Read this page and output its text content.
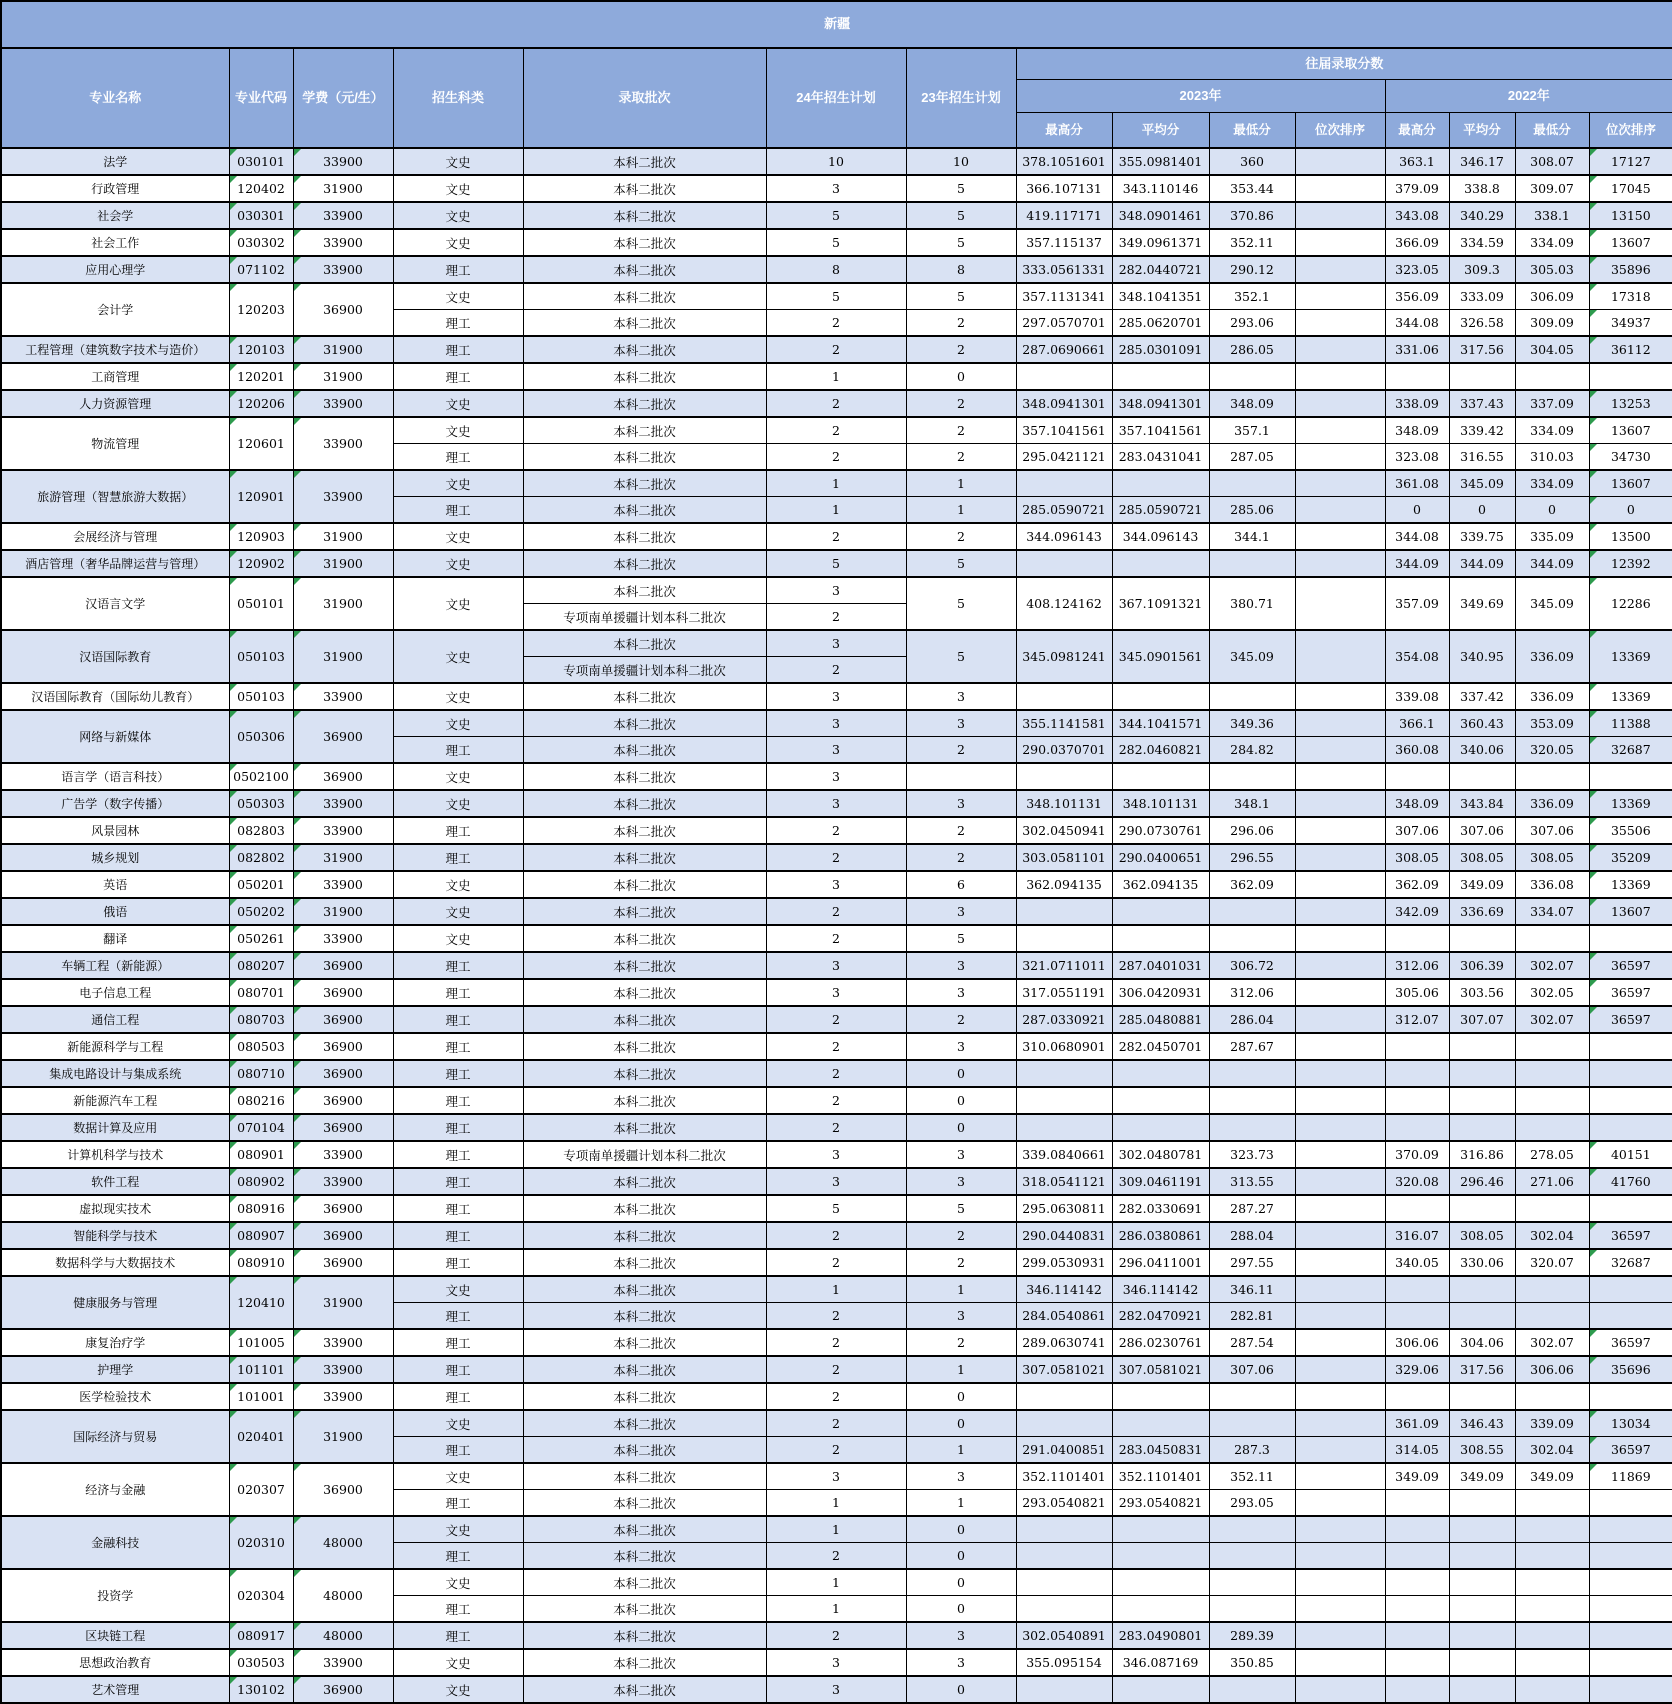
新疆														
专业名称	专业代码	学费（元/生）	招生科类	录取批次	24年招生计划	23年招生计划	往届录取分数							
							2023年				2022年			
							最高分	平均分	最低分	位次排序	最高分	平均分	最低分	位次排序
法学	030101	33900	文史	本科二批次	10	10	378.1051601	355.0981401	360		363.1	346.17	308.07	17127
行政管理	120402	31900	文史	本科二批次	3	5	366.107131	343.110146	353.44		379.09	338.8	309.07	17045
社会学	030301	33900	文史	本科二批次	5	5	419.117171	348.0901461	370.86		343.08	340.29	338.1	13150
社会工作	030302	33900	文史	本科二批次	5	5	357.115137	349.0961371	352.11		366.09	334.59	334.09	13607
应用心理学	071102	33900	理工	本科二批次	8	8	333.0561331	282.0440721	290.12		323.05	309.3	305.03	35896
会计学	120203	36900	文史	本科二批次	5	5	357.1131341	348.1041351	352.1		356.09	333.09	306.09	17318
			理工	本科二批次	2	2	297.0570701	285.0620701	293.06		344.08	326.58	309.09	34937
工程管理（建筑数字技术与造价）	120103	31900	理工	本科二批次	2	2	287.0690661	285.0301091	286.05		331.06	317.56	304.05	36112
工商管理	120201	31900	理工	本科二批次	1	0								
人力资源管理	120206	33900	文史	本科二批次	2	2	348.0941301	348.0941301	348.09		338.09	337.43	337.09	13253
物流管理	120601	33900	文史	本科二批次	2	2	357.1041561	357.1041561	357.1		348.09	339.42	334.09	13607
			理工	本科二批次	2	2	295.0421121	283.0431041	287.05		323.08	316.55	310.03	34730
旅游管理（智慧旅游大数据）	120901	33900	文史	本科二批次	1	1					361.08	345.09	334.09	13607
			理工	本科二批次	1	1	285.0590721	285.0590721	285.06		0	0	0	0
会展经济与管理	120903	31900	文史	本科二批次	2	2	344.096143	344.096143	344.1		344.08	339.75	335.09	13500
酒店管理（奢华品牌运营与管理）	120902	31900	文史	本科二批次	5	5					344.09	344.09	344.09	12392
汉语言文学	050101	31900	文史	本科二批次	3	5	408.124162	367.1091321	380.71		357.09	349.69	345.09	12286
				专项南单援疆计划本科二批次	2									
汉语国际教育	050103	31900	文史	本科二批次	3	5	345.0981241	345.0901561	345.09		354.08	340.95	336.09	13369
				专项南单援疆计划本科二批次	2									
汉语国际教育（国际幼儿教育）	050103	33900	文史	本科二批次	3	3					339.08	337.42	336.09	13369
网络与新媒体	050306	36900	文史	本科二批次	3	3	355.1141581	344.1041571	349.36		366.1	360.43	353.09	11388
			理工	本科二批次	3	2	290.0370701	282.0460821	284.82		360.08	340.06	320.05	32687
语言学（语言科技）	0502100	36900	文史	本科二批次	3									
广告学（数字传播）	050303	33900	文史	本科二批次	3	3	348.101131	348.101131	348.1		348.09	343.84	336.09	13369
风景园林	082803	33900	理工	本科二批次	2	2	302.0450941	290.0730761	296.06		307.06	307.06	307.06	35506
城乡规划	082802	31900	理工	本科二批次	2	2	303.0581101	290.0400651	296.55		308.05	308.05	308.05	35209
英语	050201	33900	文史	本科二批次	3	6	362.094135	362.094135	362.09		362.09	349.09	336.08	13369
俄语	050202	31900	文史	本科二批次	2	3					342.09	336.69	334.07	13607
翻译	050261	33900	文史	本科二批次	2	5								
车辆工程（新能源）	080207	36900	理工	本科二批次	3	3	321.0711011	287.0401031	306.72		312.06	306.39	302.07	36597
电子信息工程	080701	36900	理工	本科二批次	3	3	317.0551191	306.0420931	312.06		305.06	303.56	302.05	36597
通信工程	080703	36900	理工	本科二批次	2	2	287.0330921	285.0480881	286.04		312.07	307.07	302.07	36597
新能源科学与工程	080503	36900	理工	本科二批次	2	3	310.0680901	282.0450701	287.67					
集成电路设计与集成系统	080710	36900	理工	本科二批次	2	0								
新能源汽车工程	080216	36900	理工	本科二批次	2	0								
数据计算及应用	070104	36900	理工	本科二批次	2	0								
计算机科学与技术	080901	33900	理工	专项南单援疆计划本科二批次	3	3	339.0840661	302.0480781	323.73		370.09	316.86	278.05	40151
软件工程	080902	33900	理工	本科二批次	3	3	318.0541121	309.0461191	313.55		320.08	296.46	271.06	41760
虚拟现实技术	080916	36900	理工	本科二批次	5	5	295.0630811	282.0330691	287.27					
智能科学与技术	080907	36900	理工	本科二批次	2	2	290.0440831	286.0380861	288.04		316.07	308.05	302.04	36597
数据科学与大数据技术	080910	36900	理工	本科二批次	2	2	299.0530931	296.0411001	297.55		340.05	330.06	320.07	32687
健康服务与管理	120410	31900	文史	本科二批次	1	1	346.114142	346.114142	346.11					
			理工	本科二批次	2	3	284.0540861	282.0470921	282.81					
康复治疗学	101005	33900	理工	本科二批次	2	2	289.0630741	286.0230761	287.54		306.06	304.06	302.07	36597
护理学	101101	33900	理工	本科二批次	2	1	307.0581021	307.0581021	307.06		329.06	317.56	306.06	35696
医学检验技术	101001	33900	理工	本科二批次	2	0								
国际经济与贸易	020401	31900	文史	本科二批次	2	0					361.09	346.43	339.09	13034
			理工	本科二批次	2	1	291.0400851	283.0450831	287.3		314.05	308.55	302.04	36597
经济与金融	020307	36900	文史	本科二批次	3	3	352.1101401	352.1101401	352.11		349.09	349.09	349.09	11869
			理工	本科二批次	1	1	293.0540821	293.0540821	293.05					
金融科技	020310	48000	文史	本科二批次	1	0								
			理工	本科二批次	2	0								
投资学	020304	48000	文史	本科二批次	1	0								
			理工	本科二批次	1	0								
区块链工程	080917	48000	理工	本科二批次	2	3	302.0540891	283.0490801	289.39					
思想政治教育	030503	33900	文史	本科二批次	3	3	355.095154	346.087169	350.85					
艺术管理	130102	36900	文史	本科二批次	3	0								
